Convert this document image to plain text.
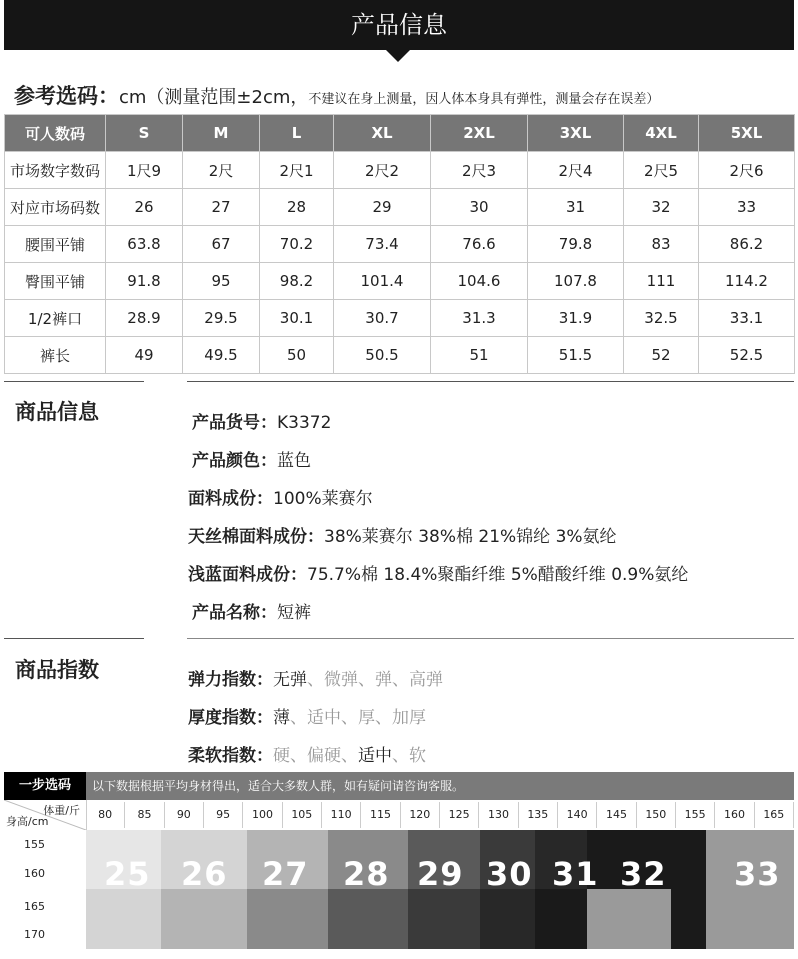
产品信息
参考选码：cm（测量范围±2cm，不建议在身上测量，因人体本身具有弹性，测量会存在误差）
可人数码	S	M	L	XL	2XL	3XL	4XL	5XL
市场数字数码	1尺9	2尺	2尺1	2尺2	2尺3	2尺4	2尺5	2尺6
对应市场码数	26	27	28	29	30	31	32	33
腰围平铺	63.8	67	70.2	73.4	76.6	79.8	83	86.2
臀围平铺	91.8	95	98.2	101.4	104.6	107.8	111	114.2
1/2裤口	28.9	29.5	30.1	30.7	31.3	31.9	32.5	33.1
裤长	49	49.5	50	50.5	51	51.5	52	52.5
商品信息	产品货号：K3372
产品颜色：蓝色
面料成份：100%莱赛尔
天丝棉面料成份：38%莱赛尔 38%棉 21%锦纶 3%氨纶
浅蓝面料成份：75.7%棉 18.4%聚酯纤维 5%醋酸纤维 0.9%氨纶
产品名称：短裤
商品指数	弹力指数：无弹、微弹、弹、高弹
厚度指数：薄、适中、厚、加厚
柔软指数：硬、偏硬、适中、软
一步选码	以下数据根据平均身材得出，适合大多数人群，如有疑问请咨询客服。
体重/斤
身高/cm
80	85	90	95	100	105	110	115	120	125	130	135	140	145	150	155	160	165
155
160
165
170
25 26 27 28 29 30 31 32 33
